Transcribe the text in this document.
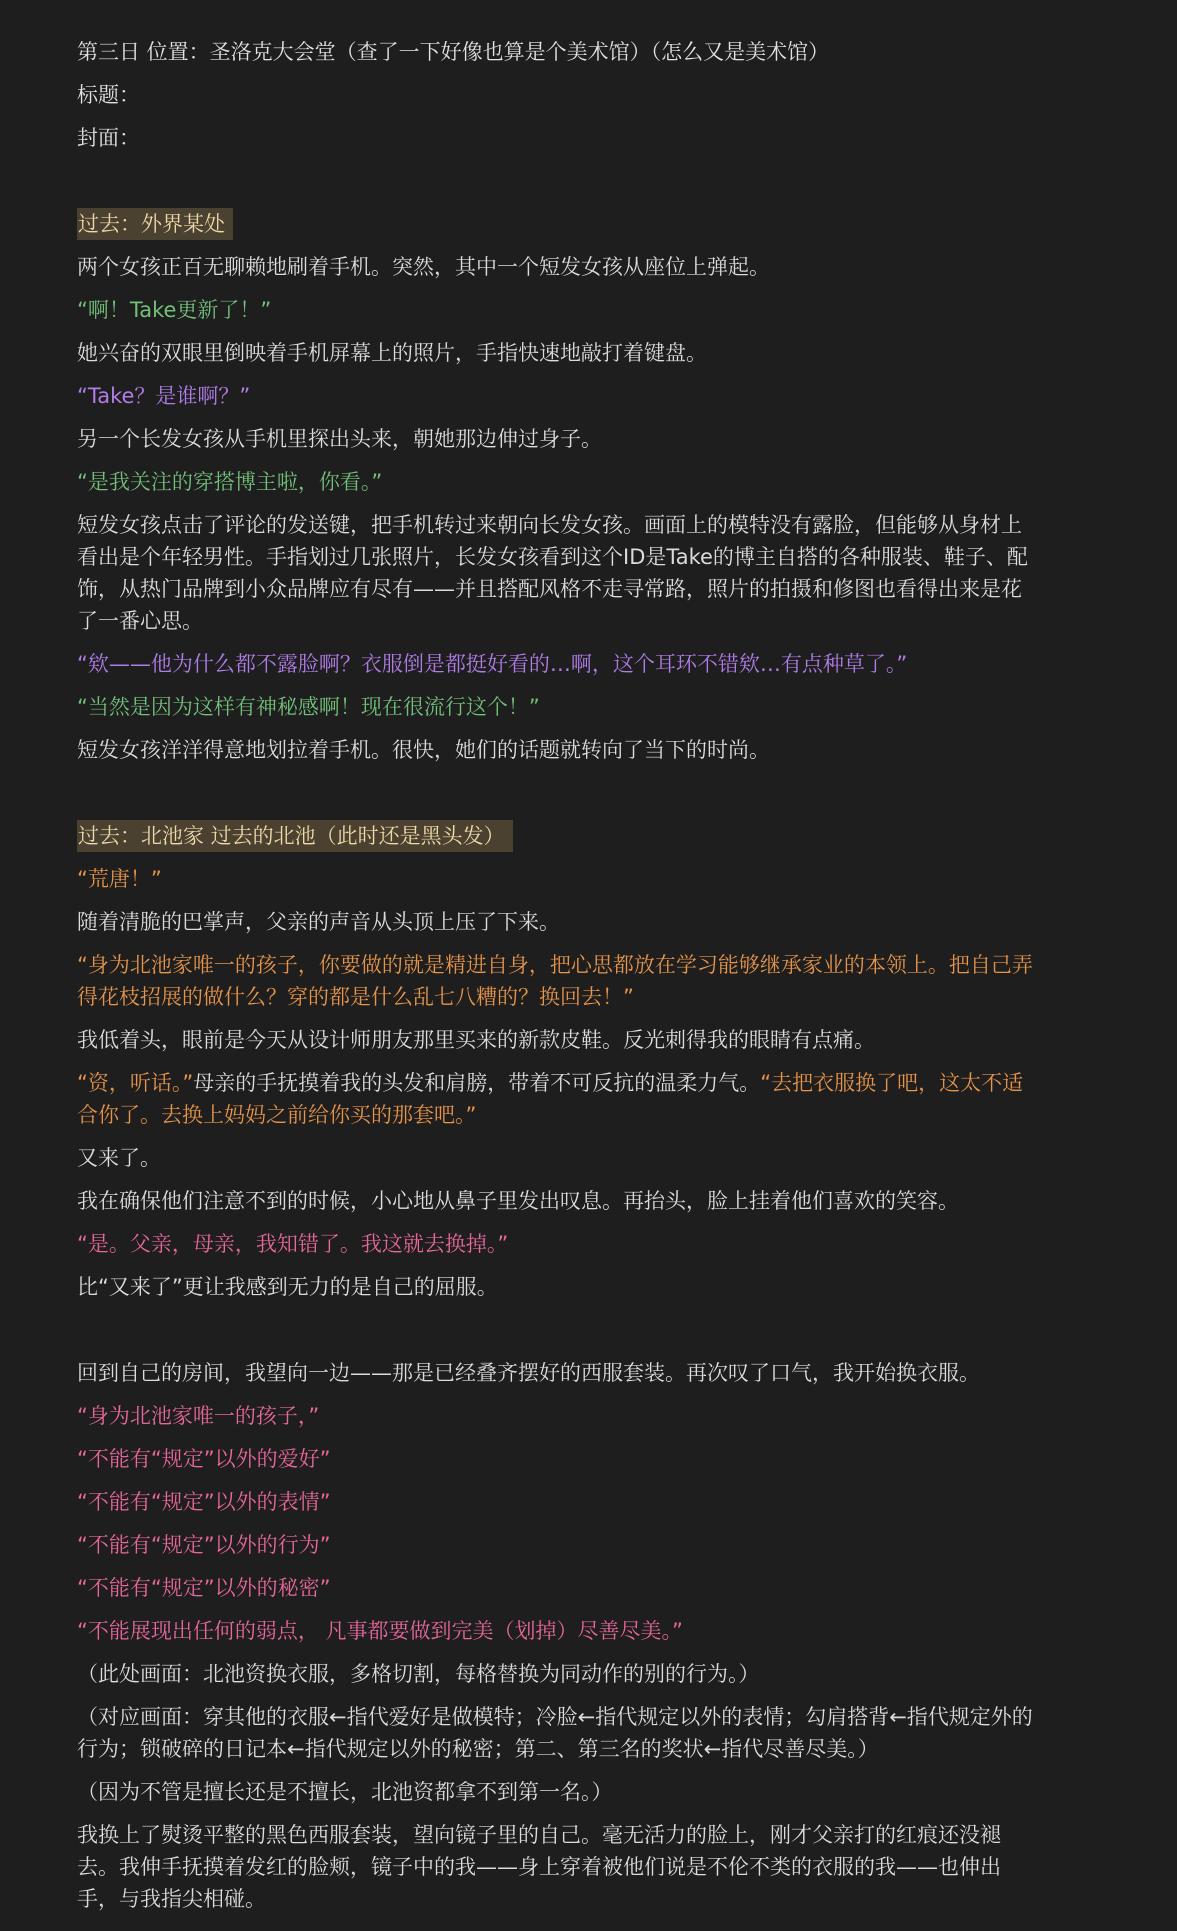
第三日 位置：圣洛克大会堂（查了一下好像也算是个美术馆）（怎么又是美术馆）
标题：
封面：
过去：外界某处
两个女孩正百无聊赖地刷着手机。突然，其中一个短发女孩从座位上弹起。
“啊！Take更新了！”
她兴奋的双眼里倒映着手机屏幕上的照片，手指快速地敲打着键盘。
“Take？是谁啊？”
另一个长发女孩从手机里探出头来，朝她那边伸过身子。
“是我关注的穿搭博主啦，你看。”
短发女孩点击了评论的发送键，把手机转过来朝向长发女孩。画面上的模特没有露脸，但能够从身材上看出是个年轻男性。手指划过几张照片，长发女孩看到这个ID是Take的博主自搭的各种服装、鞋子、配饰，从热门品牌到小众品牌应有尽有——并且搭配风格不走寻常路，照片的拍摄和修图也看得出来是花了一番心思。
“欸——他为什么都不露脸啊？衣服倒是都挺好看的…啊，这个耳环不错欸…有点种草了。”
“当然是因为这样有神秘感啊！现在很流行这个！”
短发女孩洋洋得意地划拉着手机。很快，她们的话题就转向了当下的时尚。
过去：北池家 过去的北池（此时还是黑头发）
“荒唐！”
随着清脆的巴掌声，父亲的声音从头顶上压了下来。
“身为北池家唯一的孩子，你要做的就是精进自身，把心思都放在学习能够继承家业的本领上。把自己弄得花枝招展的做什么？穿的都是什么乱七八糟的？换回去！”
我低着头，眼前是今天从设计师朋友那里买来的新款皮鞋。反光刺得我的眼睛有点痛。
“资，听话。”母亲的手抚摸着我的头发和肩膀，带着不可反抗的温柔力气。“去把衣服换了吧，这太不适合你了。去换上妈妈之前给你买的那套吧。”
又来了。
我在确保他们注意不到的时候，小心地从鼻子里发出叹息。再抬头，脸上挂着他们喜欢的笑容。
“是。父亲，母亲，我知错了。我这就去换掉。”
比“又来了”更让我感到无力的是自己的屈服。
回到自己的房间，我望向一边——那是已经叠齐摆好的西服套装。再次叹了口气，我开始换衣服。
“身为北池家唯一的孩子，”
“不能有“规定”以外的爱好”
“不能有“规定”以外的表情”
“不能有“规定”以外的行为”
“不能有“规定”以外的秘密”
“不能展现出任何的弱点， 凡事都要做到完美（划掉）尽善尽美。”
（此处画面：北池资换衣服，多格切割，每格替换为同动作的别的行为。）
（对应画面：穿其他的衣服←指代爱好是做模特；冷脸←指代规定以外的表情；勾肩搭背←指代规定外的行为；锁破碎的日记本←指代规定以外的秘密；第二、第三名的奖状←指代尽善尽美。）
（因为不管是擅长还是不擅长，北池资都拿不到第一名。）
我换上了熨烫平整的黑色西服套装，望向镜子里的自己。毫无活力的脸上，刚才父亲打的红痕还没褪去。我伸手抚摸着发红的脸颊，镜子中的我——身上穿着被他们说是不伦不类的衣服的我——也伸出手，与我指尖相碰。
